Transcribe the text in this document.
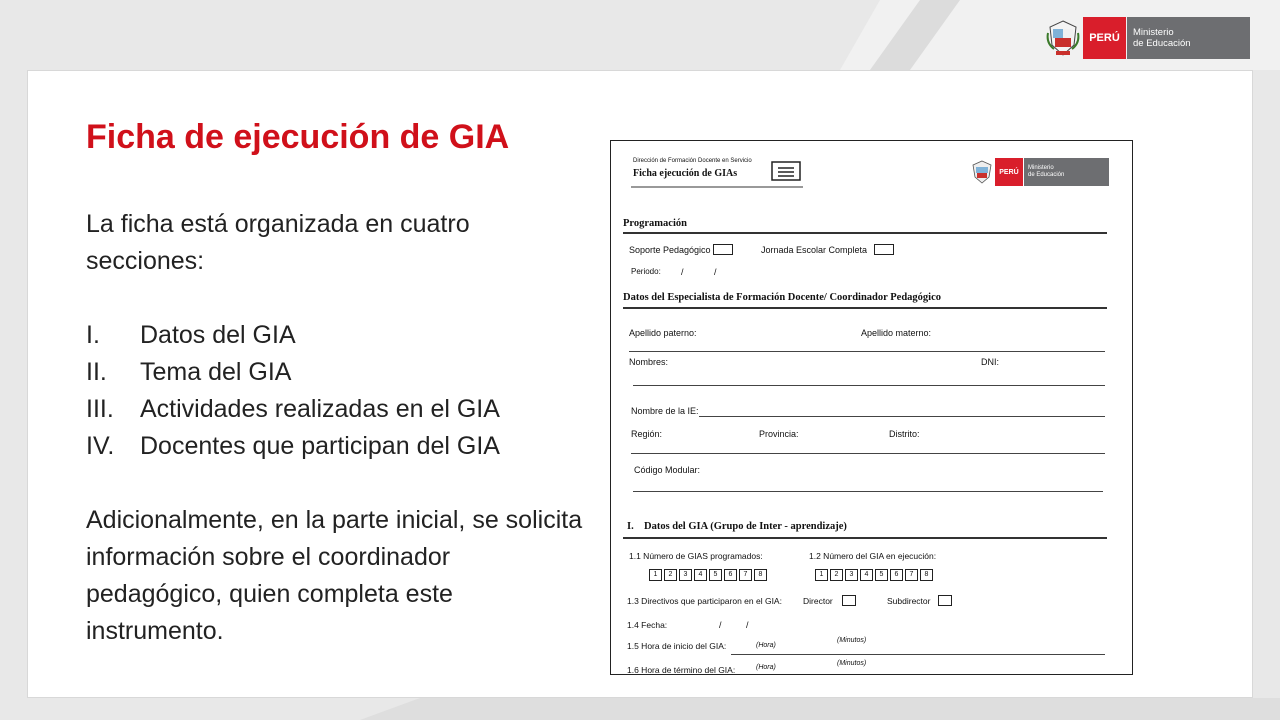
PERÚ	Ministerio
de Educación
Ficha de ejecución de GIA

La ficha está organizada en cuatro secciones:

I.	Datos del GIA
II.	Tema del GIA
III.	Actividades realizadas en el GIA
IV.	Docentes que participan del GIA

Adicionalmente, en la parte inicial, se solicita información sobre el coordinador pedagógico, quien completa este instrumento.

Dirección de Formación Docente en Servicio
Ficha ejecución de GIAs	PERÚ
Ministerio
de Educación
Programación
Soporte Pedagógico	Jornada Escolar Completa
Periodo: /	/
Datos del Especialista de Formación Docente/ Coordinador Pedagógico
Apellido paterno:	Apellido materno:
Nombres:	DNI:
Nombre de la IE:
Región:	Provincia:	Distrito:
Código Modular:
I. Datos del GIA (Grupo de Inter - aprendizaje)
1.1 Número de GIAS programados:	1.2 Número del GIA en ejecución:
1 2 3 4 5 6 7 8	1 2 3 4 5 6 7 8
1.3 Directivos que participaron en el GIA: Director	Subdirector
1.4 Fecha:	/	/
1.5 Hora de inicio del GIA:	(Hora)
(Minutos)
1.6 Hora de término del GIA:	(Hora)
(Minutos)
